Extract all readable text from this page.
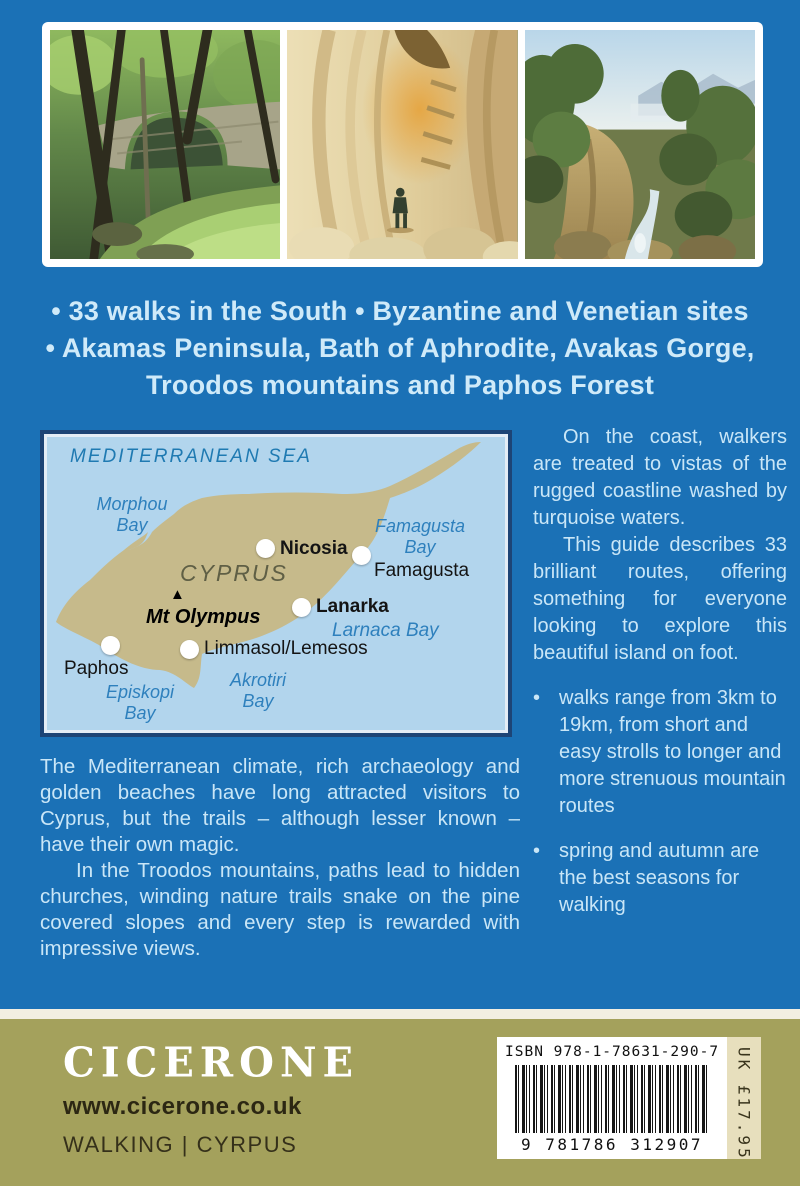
• 33 walks in the South • Byzantine and Venetian sites
• Akamas Peninsula, Bath of Aphrodite, Avakas Gorge,
Troodos mountains and Paphos Forest
MEDITERRANEAN SEA
Morphou
Bay	Famagusta
Bay
Larnaca Bay
Episkopi
Bay
Akrotiri
Bay
CYPRUS
Nicosia
Famagusta
Lanarka
Limmasol/Lemesos
Paphos
▲
Mt Olympus

On the coast, walkers are treated to vistas of the rugged coastline washed by turquoise waters.

This guide describes 33 brilliant routes, offering something for everyone looking to explore this beautiful island on foot.

• walks range from 3km to 19km, from short and easy strolls to longer and more strenuous mountain routes
• spring and autumn are the best seasons for walking

The Mediterranean climate, rich archaeology and golden beaches have long attracted visitors to Cyprus, but the trails – although lesser known – have their own magic.

In the Troodos mountains, paths lead to hidden churches, winding nature trails snake on the pine covered slopes and every step is rewarded with impressive views.

CICERONE
www.cicerone.co.uk
WALKING | CYRPUS
ISBN 978-1-78631-290-7
9 781786 312907	UK £17.95
